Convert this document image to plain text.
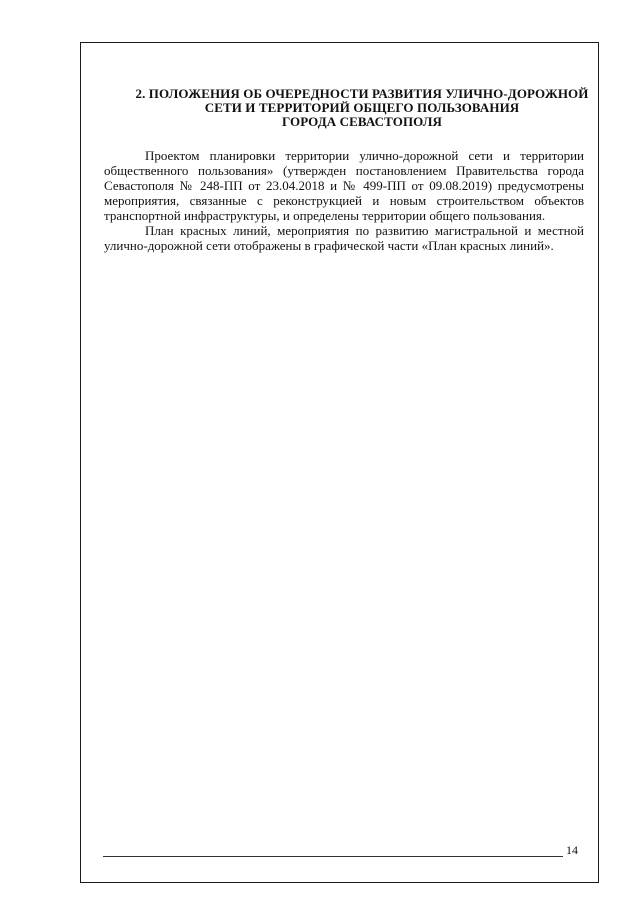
2. ПОЛОЖЕНИЯ ОБ ОЧЕРЕДНОСТИ РАЗВИТИЯ УЛИЧНО-ДОРОЖНОЙ
СЕТИ И ТЕРРИТОРИЙ ОБЩЕГО ПОЛЬЗОВАНИЯ
ГОРОДА СЕВАСТОПОЛЯ

Проектом планировки территории улично-дорожной сети и территории общественного пользования» (утвержден постановлением Правительства города Севастополя № 248-ПП от 23.04.2018 и № 499-ПП от 09.08.2019) предусмотрены мероприятия, связанные с реконструкцией и новым строительством объектов транспортной инфраструктуры, и определены территории общего пользования.

План красных линий, мероприятия по развитию магистральной и местной улично-дорожной сети отображены в графической части «План красных линий».

14
